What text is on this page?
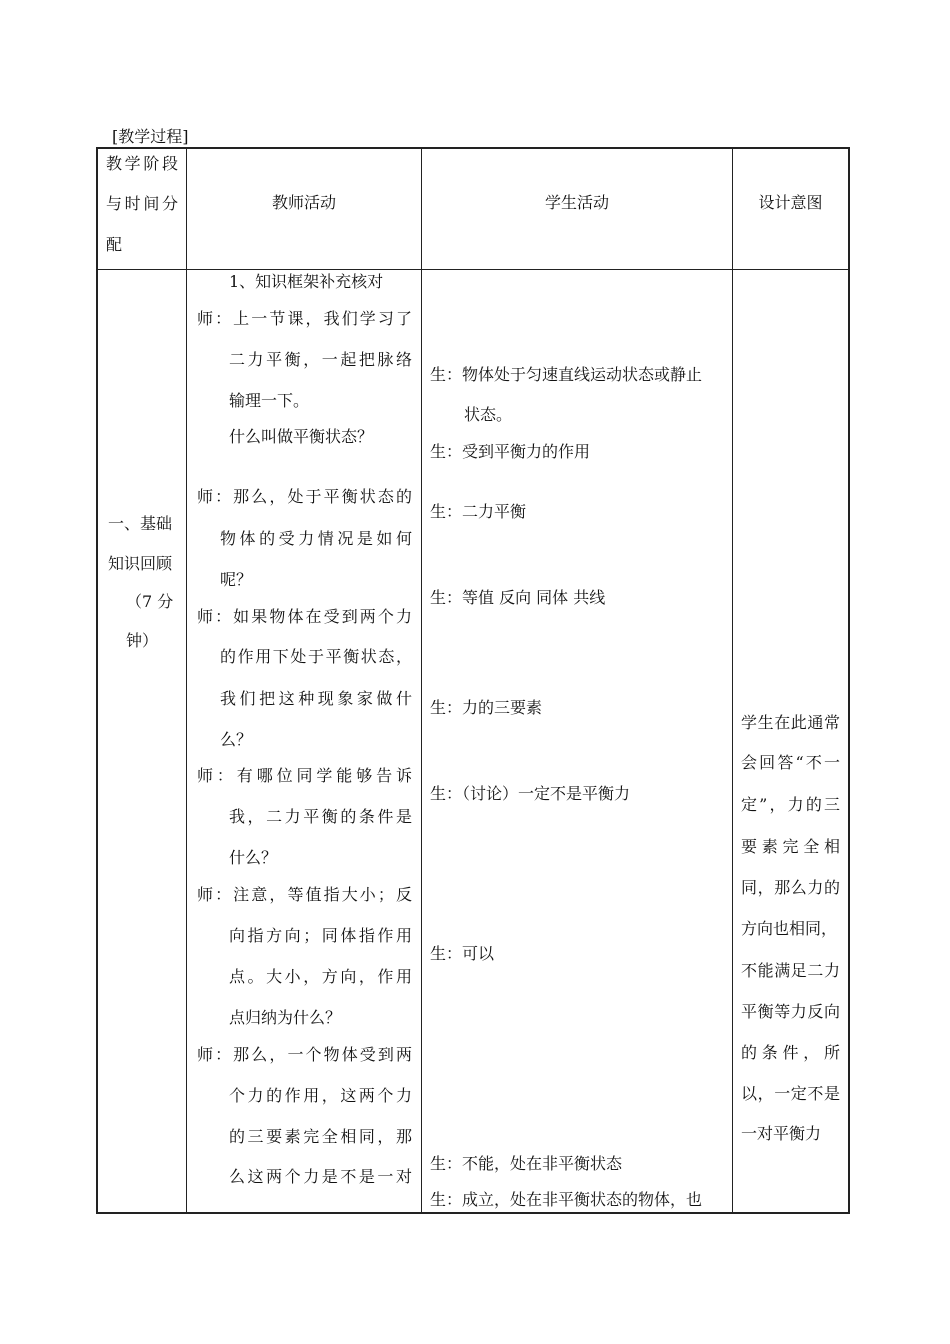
[教学过程]
教学阶段
与时间分
配
教师活动	学生活动	设计意图
一、基础
知识回顾
（7 分
钟）
1、知识框架补充核对
师：上一节课，我们学习了
二力平衡，一起把脉络
输理一下。
什么叫做平衡状态？
师：那么，处于平衡状态的
物体的受力情况是如何
呢？
师：如果物体在受到两个力
的作用下处于平衡状态，
我们把这种现象家做什
么？
师：有哪位同学能够告诉
我，二力平衡的条件是
什么？
师：注意，等值指大小；反
向指方向；同体指作用
点。大小，方向，作用
点归纳为什么？
师：那么，一个物体受到两
个力的作用，这两个力
的三要素完全相同，那
么这两个力是不是一对
生：物体处于匀速直线运动状态或静止
状态。
生：受到平衡力的作用
生：二力平衡
生：等值 反向 同体 共线
生：力的三要素
生：（讨论）一定不是平衡力
生：可以
生：不能，处在非平衡状态
生：成立，处在非平衡状态的物体，也
学生在此通常
会回答“不一
定”，力的三
要素完全相
同，那么力的
方向也相同，
不能满足二力
平衡等力反向
的条件，所
以，一定不是
一对平衡力
